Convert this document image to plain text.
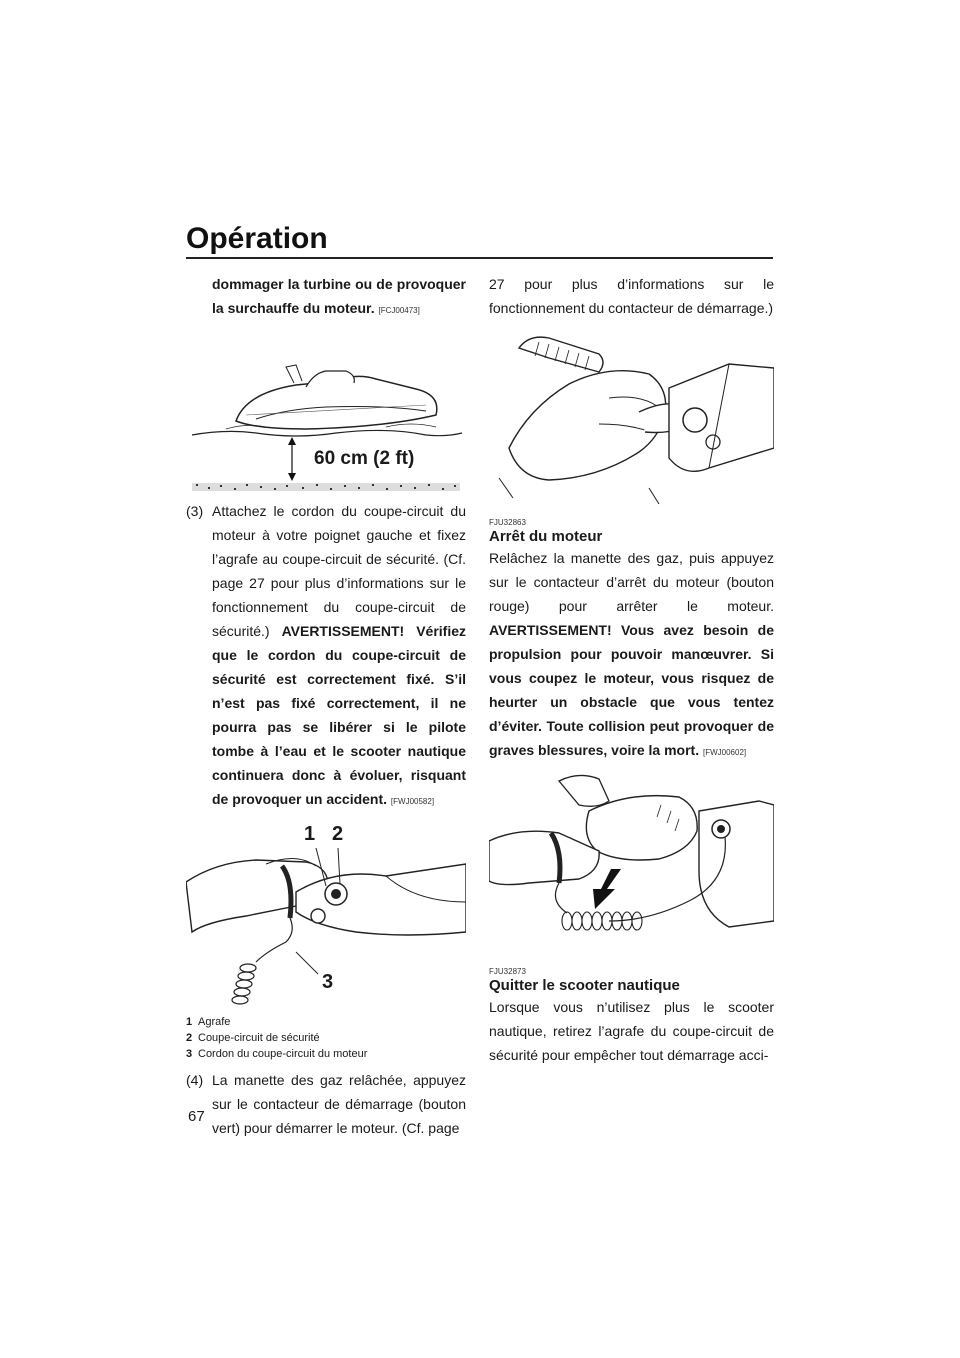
Opération

dommager la turbine ou de provoquer la surchauffe du moteur. [FCJ00473]

60 cm (2 ft)
(3) Attachez le cordon du coupe-circuit du moteur à votre poignet gauche et fixez l’agrafe au coupe-circuit de sécurité. (Cf. page 27 pour plus d’informations sur le fonctionnement du coupe-circuit de sécurité.) AVERTISSEMENT! Vérifiez que le cordon du coupe-circuit de sécurité est correctement fixé. S’il n’est pas fixé correctement, il ne pourra pas se libérer si le pilote tombe à l’eau et le scooter nautique continuera donc à évoluer, risquant de provoquer un accident. [FWJ00582]
1 2
3
1 Agrafe
2 Coupe-circuit de sécurité
3 Cordon du coupe-circuit du moteur
(4) La manette des gaz relâchée, appuyez sur le contacteur de démarrage (bouton vert) pour démarrer le moteur. (Cf. page

27 pour plus d’informations sur le fonctionnement du contacteur de démarrage.)

FJU32863
Arrêt du moteur

Relâchez la manette des gaz, puis appuyez sur le contacteur d’arrêt du moteur (bouton rouge) pour arrêter le moteur. AVERTISSEMENT! Vous avez besoin de propulsion pour pouvoir manœuvrer. Si vous coupez le moteur, vous risquez de heurter un obstacle que vous tentez d’éviter. Toute collision peut provoquer de graves blessures, voire la mort. [FWJ00602]

FJU32873
Quitter le scooter nautique

Lorsque vous n’utilisez plus le scooter nautique, retirez l’agrafe du coupe-circuit de sécurité pour empêcher tout démarrage acci-

67
